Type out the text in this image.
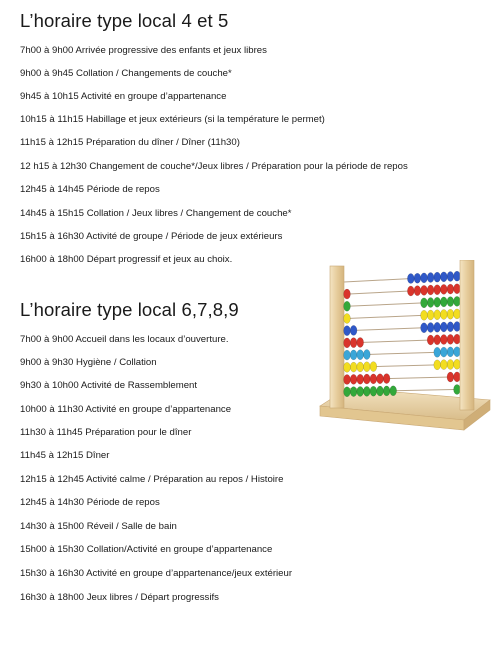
L’horaire type local 4 et 5
7h00 à 9h00 Arrivée progressive des enfants et jeux libres
9h00 à 9h45 Collation / Changements de couche*
9h45 à 10h15 Activité en groupe d’appartenance
10h15 à 11h15 Habillage et jeux extérieurs (si la température le permet)
11h15 à 12h15 Préparation du dîner / Dîner (11h30)
12 h15 à 12h30 Changement de couche*/Jeux libres / Préparation pour la période de repos
12h45 à 14h45 Période de repos
14h45 à 15h15 Collation / Jeux libres / Changement de couche*
15h15 à 16h30 Activité de groupe / Période de jeux extérieurs
16h00 à 18h00 Départ progressif et jeux au choix.
L’horaire type local 6,7,8,9
7h00 à 9h00 Accueil dans les locaux d’ouverture.
9h00 à 9h30 Hygiène / Collation
9h30 à 10h00 Activité de Rassemblement
10h00 à 11h30 Activité en groupe d’appartenance
11h30 à 11h45 Préparation pour le dîner
11h45 à 12h15 Dîner
12h15 à 12h45 Activité calme / Préparation au repos / Histoire
12h45 à 14h30 Période de repos
14h30 à 15h00 Réveil / Salle de bain
15h00 à 15h30 Collation/Activité en groupe d’appartenance
15h30 à 16h30 Activité en groupe d’appartenance/jeux extérieur
16h30 à 18h00 Jeux libres / Départ progressifs
